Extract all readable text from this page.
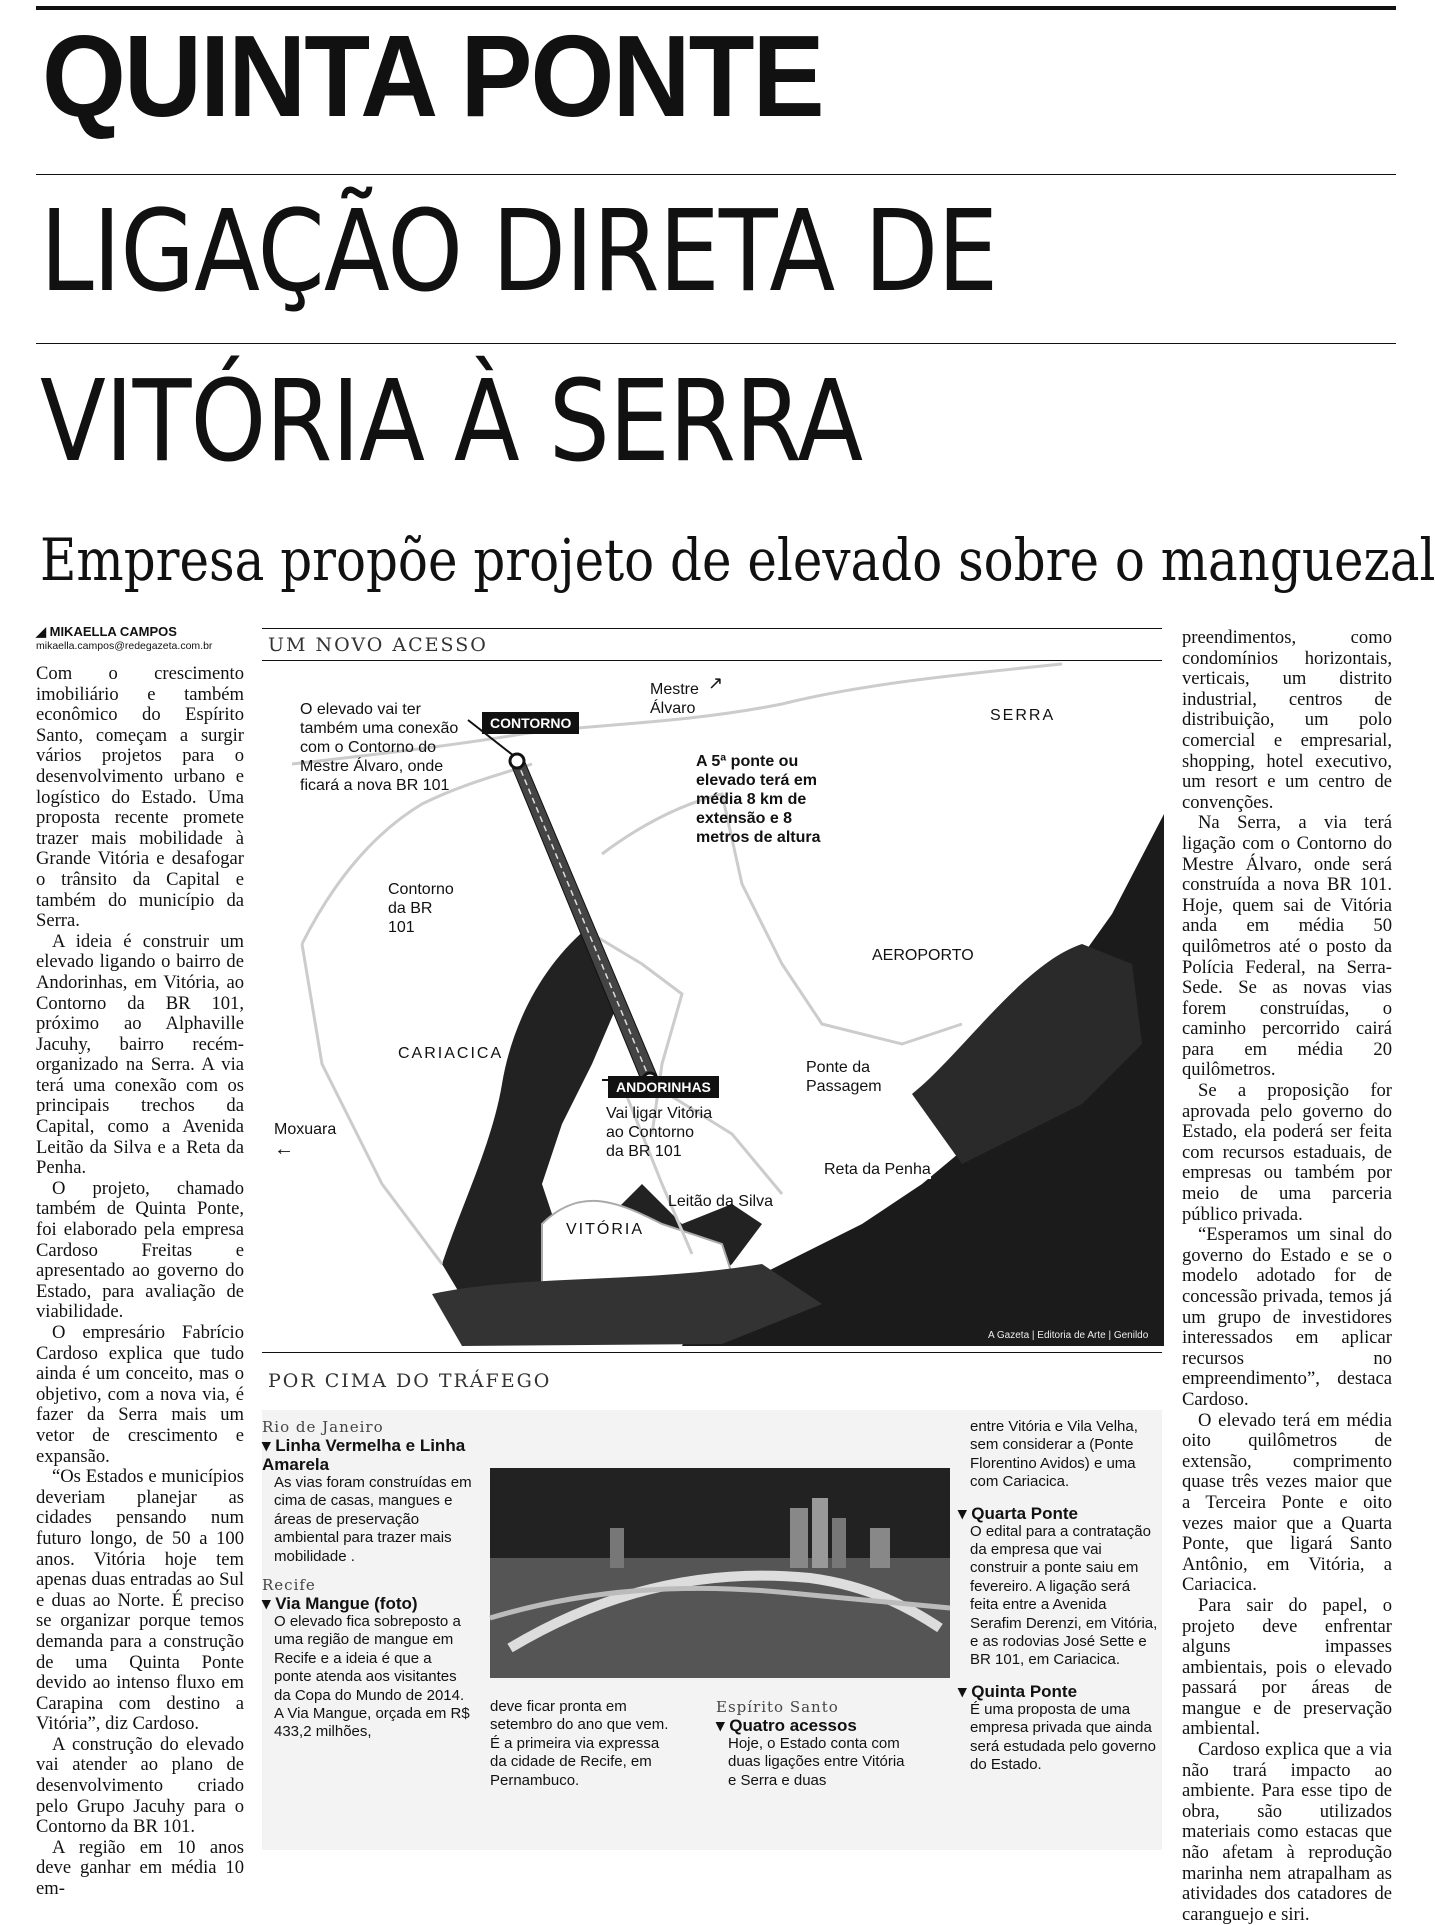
QUINTA PONTE
LIGAÇÃO DIRETA DE
VITÓRIA À SERRA
Empresa propõe projeto de elevado sobre o manguezal
◢ MIKAELLA CAMPOS
mikaella.campos@redegazeta.com.br

Com o crescimento imobiliário e também econômico do Espírito Santo, começam a surgir vários projetos para o desenvolvimento urbano e logístico do Estado. Uma proposta recente promete trazer mais mobilidade à Grande Vitória e desafogar o trânsito da Capital e também do município da Serra.

A ideia é construir um elevado ligando o bairro de Andorinhas, em Vitória, ao Contorno da BR 101, próximo ao Alphaville Jacuhy, bairro recém-organizado na Serra. A via terá uma conexão com os principais trechos da Capital, como a Avenida Leitão da Silva e a Reta da Penha.

O projeto, chamado também de Quinta Ponte, foi elaborado pela empresa Cardoso Freitas e apresentado ao governo do Estado, para avaliação de viabilidade.

O empresário Fabrício Cardoso explica que tudo ainda é um conceito, mas o objetivo, com a nova via, é fazer da Serra mais um vetor de crescimento e expansão.

“Os Estados e municípios deveriam planejar as cidades pensando num futuro longo, de 50 a 100 anos. Vitória hoje tem apenas duas entradas ao Sul e duas ao Norte. É preciso se organizar porque temos demanda para a construção de uma Quinta Ponte devido ao intenso fluxo em Carapina com destino a Vitória”, diz Cardoso.

A construção do elevado vai atender ao plano de desenvolvimento criado pelo Grupo Jacuhy para o Contorno da BR 101.

A região em 10 anos deve ganhar em média 10 em-

preendimentos, como condomínios horizontais, verticais, um distrito industrial, centros de distribuição, um polo comercial e empresarial, shopping, hotel executivo, um resort e um centro de convenções.

Na Serra, a via terá ligação com o Contorno do Mestre Álvaro, onde será construída a nova BR 101. Hoje, quem sai de Vitória anda em média 50 quilômetros até o posto da Polícia Federal, na Serra-Sede. Se as novas vias forem construídas, o caminho percorrido cairá para em média 20 quilômetros.

Se a proposição for aprovada pelo governo do Estado, ela poderá ser feita com recursos estaduais, de empresas ou também por meio de uma parceria público privada.

“Esperamos um sinal do governo do Estado e se o modelo adotado for de concessão privada, temos já um grupo de investidores interessados em aplicar recursos no empreendimento”, destaca Cardoso.

O elevado terá em média oito quilômetros de extensão, comprimento quase três vezes maior que a Terceira Ponte e oito vezes maior que a Quarta Ponte, que ligará Santo Antônio, em Vitória, a Cariacica.

Para sair do papel, o projeto deve enfrentar alguns impasses ambientais, pois o elevado passará por áreas de mangue e de preservação ambiental.

Cardoso explica que a via não trará impacto ao ambiente. Para esse tipo de obra, são utilizados materiais como estacas que não afetam à reprodução marinha nem atrapalham as atividades dos catadores de caranguejo e siri.

UM NOVO ACESSO
Mestre Álvaro
↗
SERRA
CONTORNO
O elevado vai ter também uma conexão com o Contorno do Mestre Álvaro, onde ficará a nova BR 101
A 5ª ponte ou elevado terá em média 8 km de extensão e 8 metros de altura
Contorno da BR 101
AEROPORTO
CARIACICA
Ponte da Passagem
ANDORINHAS
Vai ligar Vitória ao Contorno da BR 101
Moxuara
←
Reta da Penha
Leitão da Silva
VITÓRIA
A Gazeta | Editoria de Arte | Genildo
POR CIMA DO TRÁFEGO
Rio de Janeiro
▾ Linha Vermelha e Linha Amarela
As vias foram construídas em cima de casas, mangues e áreas de preservação ambiental para trazer mais mobilidade .
Recife
▾ Via Mangue (foto)
O elevado fica sobreposto a uma região de mangue em Recife e a ideia é que a ponte atenda aos visitantes da Copa do Mundo de 2014. A Via Mangue, orçada em R$ 433,2 milhões,
deve ficar pronta em setembro do ano que vem. É a primeira via expressa da cidade de Recife, em Pernambuco.
Espírito Santo
▾ Quatro acessos
Hoje, o Estado conta com duas ligações entre Vitória e Serra e duas
entre Vitória e Vila Velha, sem considerar a (Ponte Florentino Avidos) e uma com Cariacica.
▾ Quarta Ponte
O edital para a contratação da empresa que vai construir a ponte saiu em fevereiro. A ligação será feita entre a Avenida Serafim Derenzi, em Vitória, e as rodovias José Sette e BR 101, em Cariacica.
▾ Quinta Ponte
É uma proposta de uma empresa privada que ainda será estudada pelo governo do Estado.
